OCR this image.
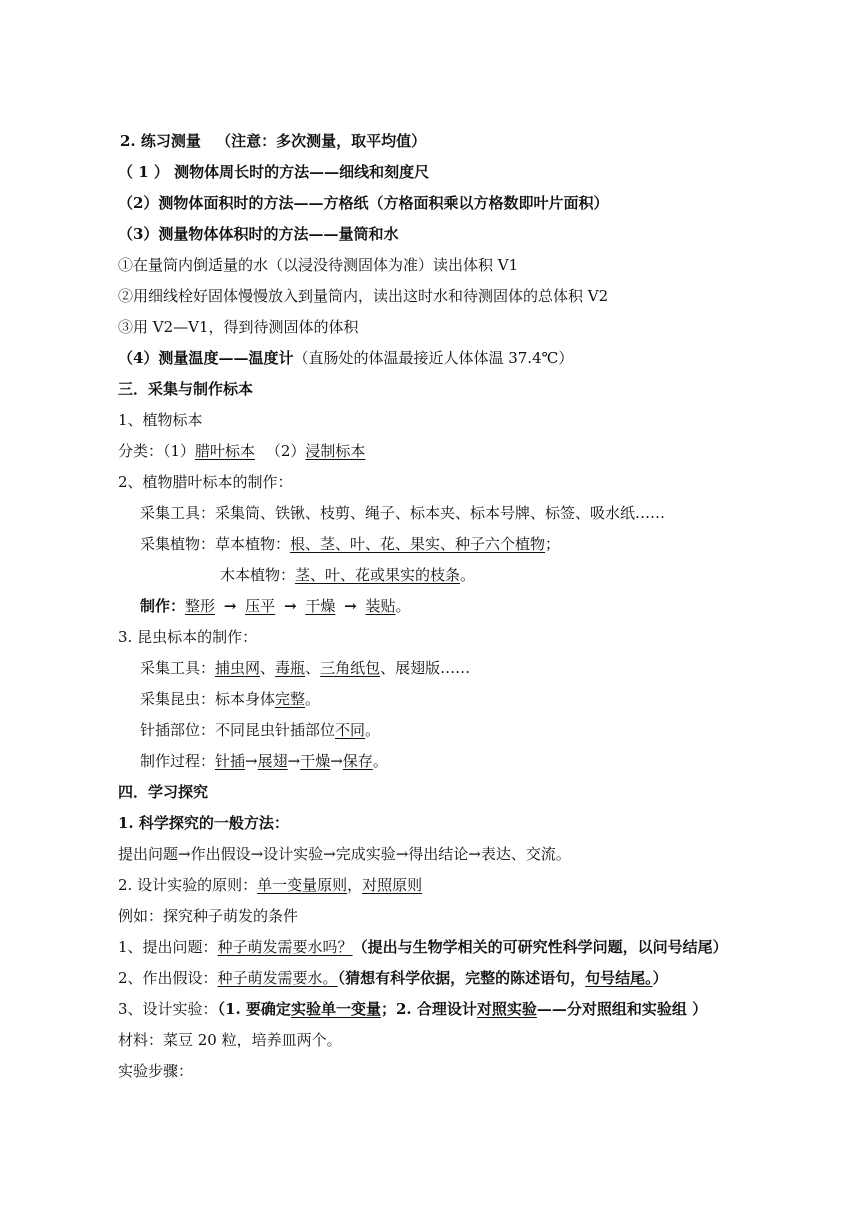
2. 练习测量 （注意：多次测量，取平均值）
（ 1 ） 测物体周长时的方法——细线和刻度尺
（2）测物体面积时的方法——方格纸（方格面积乘以方格数即叶片面积）
（3）测量物体体积时的方法——量筒和水
①在量筒内倒适量的水（以浸没待测固体为准）读出体积 V1
②用细线栓好固体慢慢放入到量筒内，读出这时水和待测固体的总体积 V2
③用 V2—V1，得到待测固体的体积
（4）测量温度——温度计（直肠处的体温最接近人体体温 37.4℃）
三．采集与制作标本
1、植物标本
分类：（1）腊叶标本 （2）浸制标本
2、植物腊叶标本的制作：
采集工具：采集筒、铁锹、枝剪、绳子、标本夹、标本号牌、标签、吸水纸……
采集植物：草本植物：根、茎、叶、花、果实、种子六个植物；
木本植物：茎、叶、花或果实的枝条。
制作：整形 → 压平 → 干燥 → 装贴。
3. 昆虫标本的制作：
采集工具：捕虫网、毒瓶、三角纸包、展翅版……
采集昆虫：标本身体完整。
针插部位：不同昆虫针插部位不同。
制作过程：针插→展翅→干燥→保存。
四．学习探究
1. 科学探究的一般方法：
提出问题→作出假设→设计实验→完成实验→得出结论→表达、交流。
2. 设计实验的原则：单一变量原则，对照原则
例如：探究种子萌发的条件
1、提出问题：种子萌发需要水吗？（提出与生物学相关的可研究性科学问题，以问号结尾）
2、作出假设：种子萌发需要水。（猜想有科学依据，完整的陈述语句，句号结尾。）
3、设计实验：（1. 要确定实验单一变量；2. 合理设计对照实验——分对照组和实验组 ）
材料：菜豆 20 粒，培养皿两个。
实验步骤：
